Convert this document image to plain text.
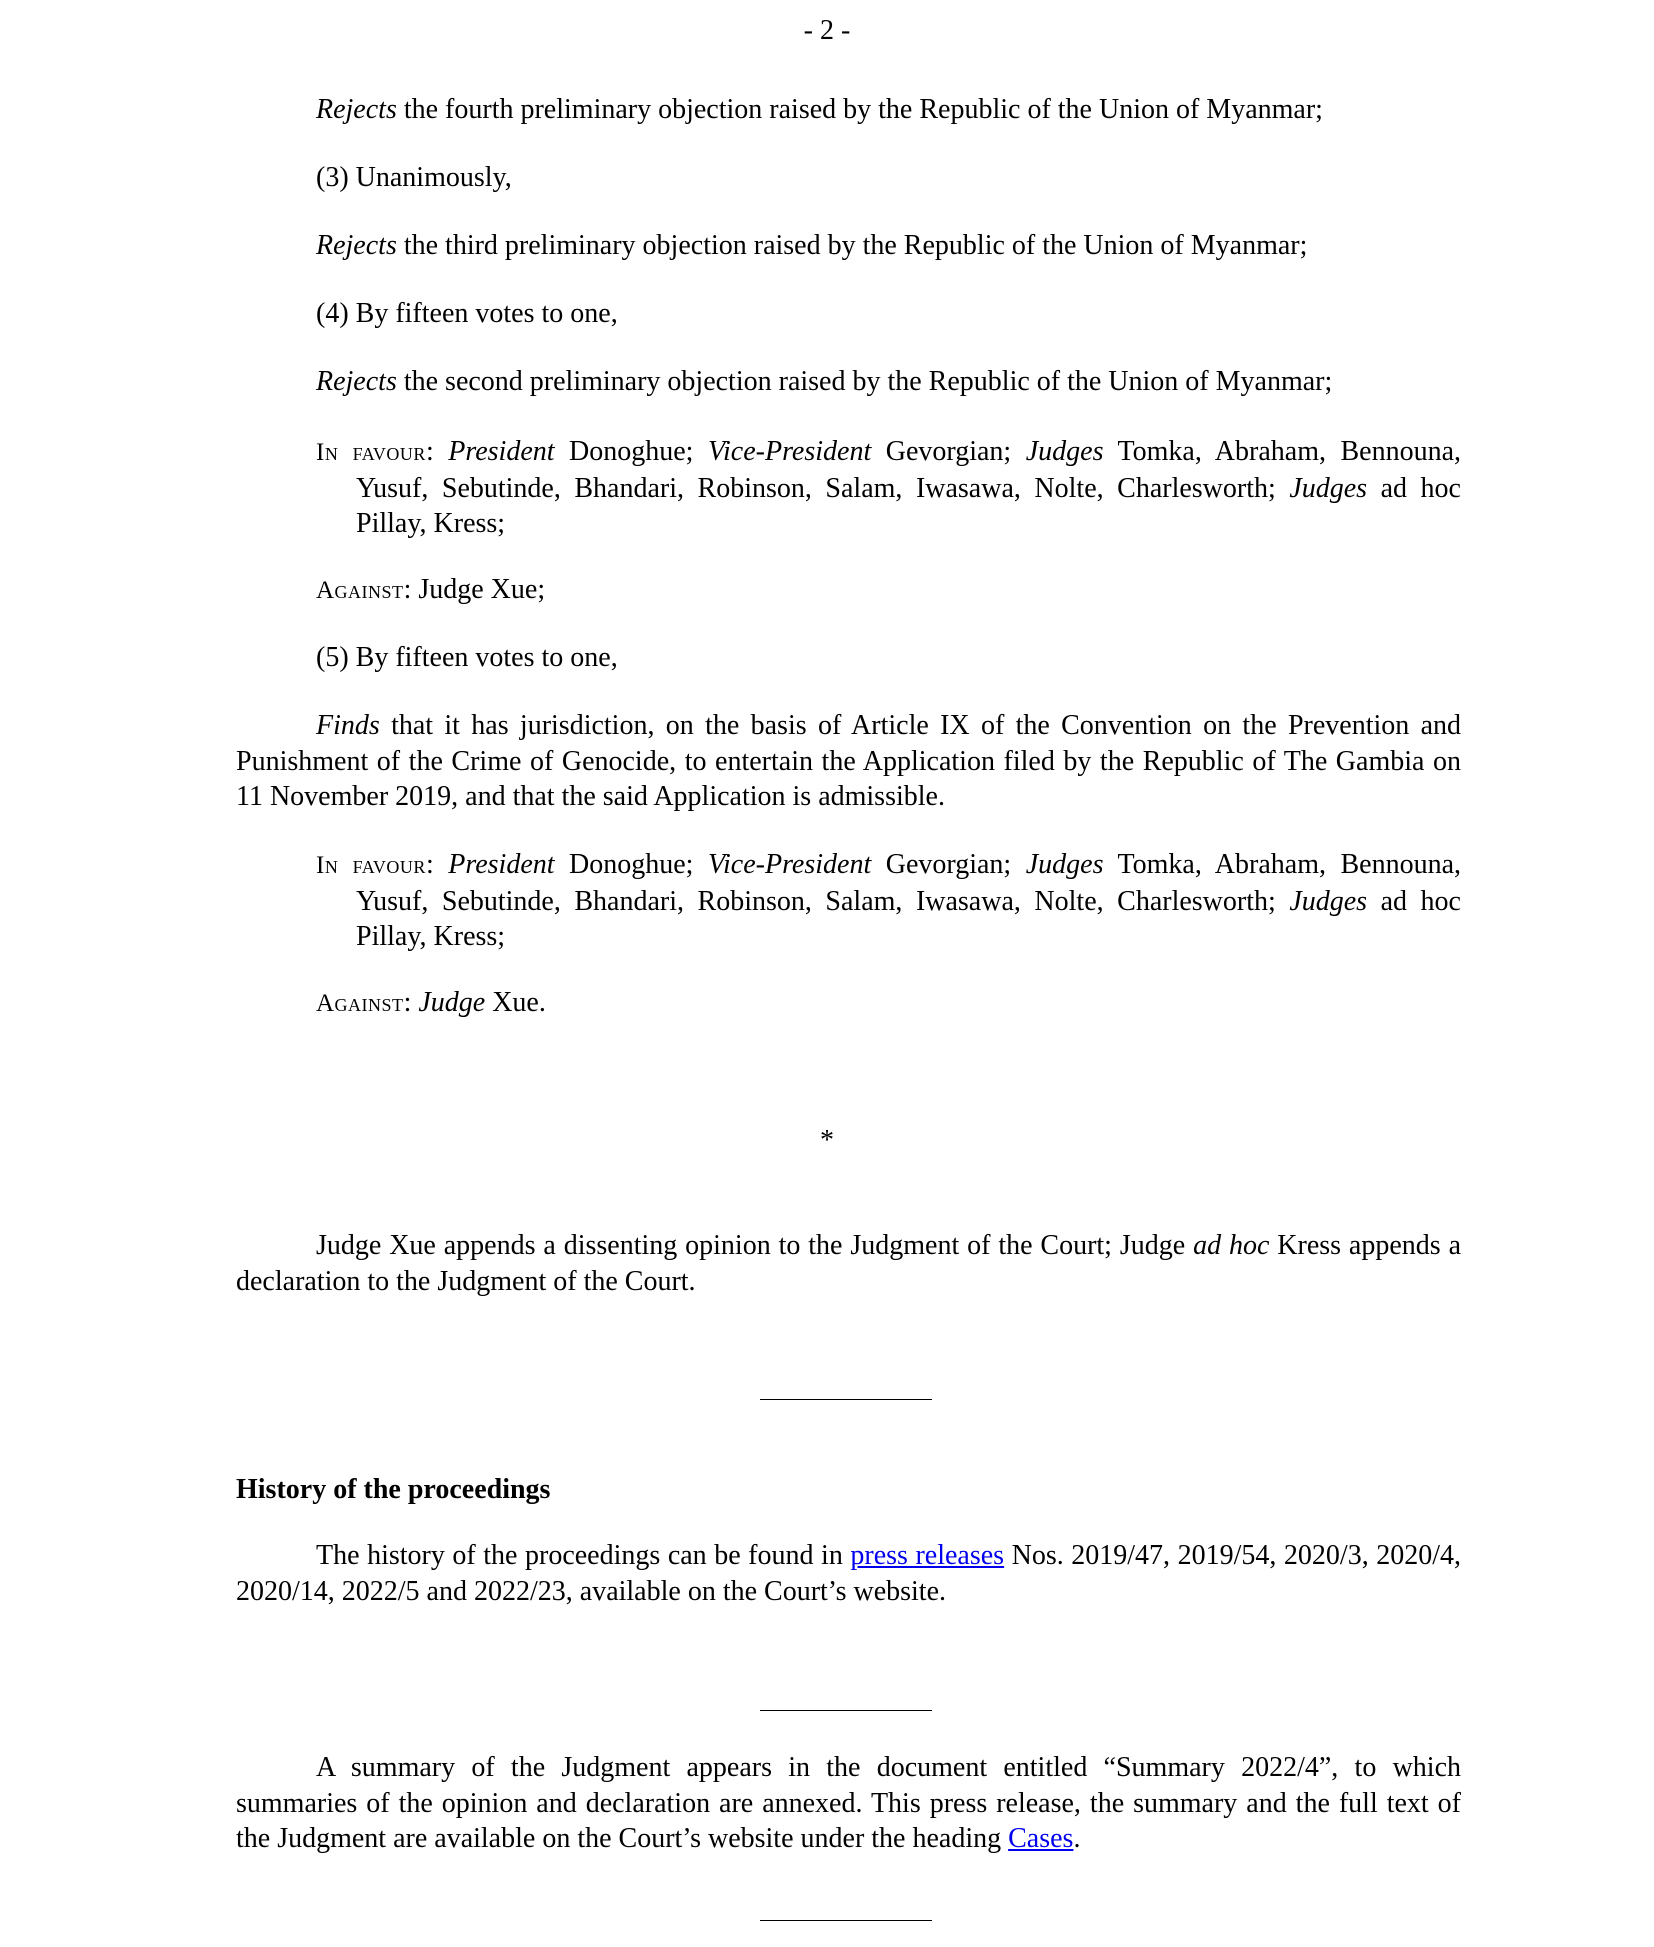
- 2 -
Rejects the fourth preliminary objection raised by the Republic of the Union of Myanmar;
(3) Unanimously,
Rejects the third preliminary objection raised by the Republic of the Union of Myanmar;
(4) By fifteen votes to one,
Rejects the second preliminary objection raised by the Republic of the Union of Myanmar;
In favour: President Donoghue; Vice-President Gevorgian; Judges Tomka, Abraham, Bennouna, Yusuf, Sebutinde, Bhandari, Robinson, Salam, Iwasawa, Nolte, Charlesworth; Judges ad hoc Pillay, Kress;
Against: Judge Xue;
(5) By fifteen votes to one,
Finds that it has jurisdiction, on the basis of Article IX of the Convention on the Prevention and Punishment of the Crime of Genocide, to entertain the Application filed by the Republic of The Gambia on 11 November 2019, and that the said Application is admissible.
In favour: President Donoghue; Vice-President Gevorgian; Judges Tomka, Abraham, Bennouna, Yusuf, Sebutinde, Bhandari, Robinson, Salam, Iwasawa, Nolte, Charlesworth; Judges ad hoc Pillay, Kress;
Against: Judge Xue.
*
Judge Xue appends a dissenting opinion to the Judgment of the Court; Judge ad hoc Kress appends a declaration to the Judgment of the Court.
History of the proceedings
The history of the proceedings can be found in press releases Nos. 2019/47, 2019/54, 2020/3, 2020/4, 2020/14, 2022/5 and 2022/23, available on the Court’s website.
A summary of the Judgment appears in the document entitled “Summary 2022/4”, to which summaries of the opinion and declaration are annexed. This press release, the summary and the full text of the Judgment are available on the Court’s website under the heading Cases.
